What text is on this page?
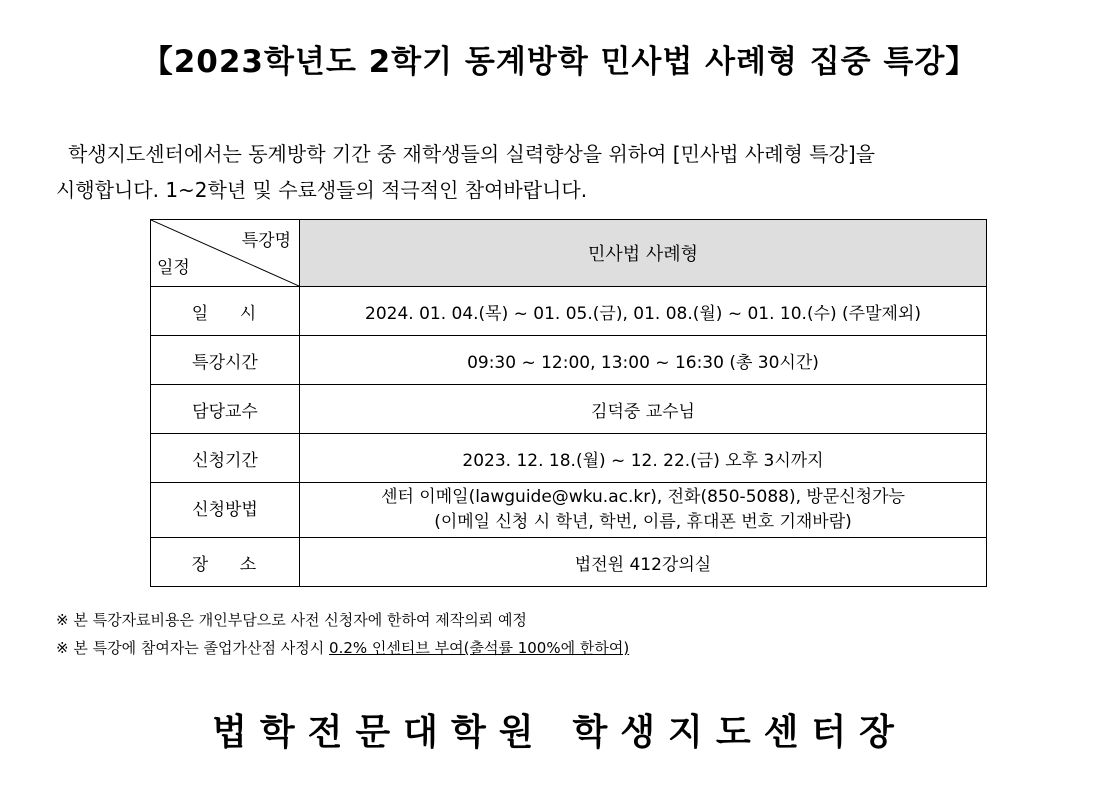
【2023학년도 2학기 동계방학 민사법 사례형 집중 특강】
학생지도센터에서는 동계방학 기간 중 재학생들의 실력향상을 위하여 [민사법 사례형 특강]을
시행합니다. 1~2학년 및 수료생들의 적극적인 참여바랍니다.
특강명
일정	민사법 사례형
일    시	2024. 01. 04.(목) ~ 01. 05.(금), 01. 08.(월) ~ 01. 10.(수) (주말제외)
특강시간	09:30 ~ 12:00, 13:00 ~ 16:30 (총 30시간)
담당교수	김덕중 교수님
신청기간	2023. 12. 18.(월) ~ 12. 22.(금) 오후 3시까지
신청방법	센터 이메일(lawguide@wku.ac.kr), 전화(850-5088), 방문신청가능
(이메일 신청 시 학년, 학번, 이름, 휴대폰 번호 기재바람)

장    소	법전원 412강의실
※ 본 특강자료비용은 개인부담으로 사전 신청자에 한하여 제작의뢰 예정
※ 본 특강에 참여자는 졸업가산점 사정시 0.2% 인센티브 부여(출석률 100%에 한하여)
법학전문대학원 학생지도센터장
